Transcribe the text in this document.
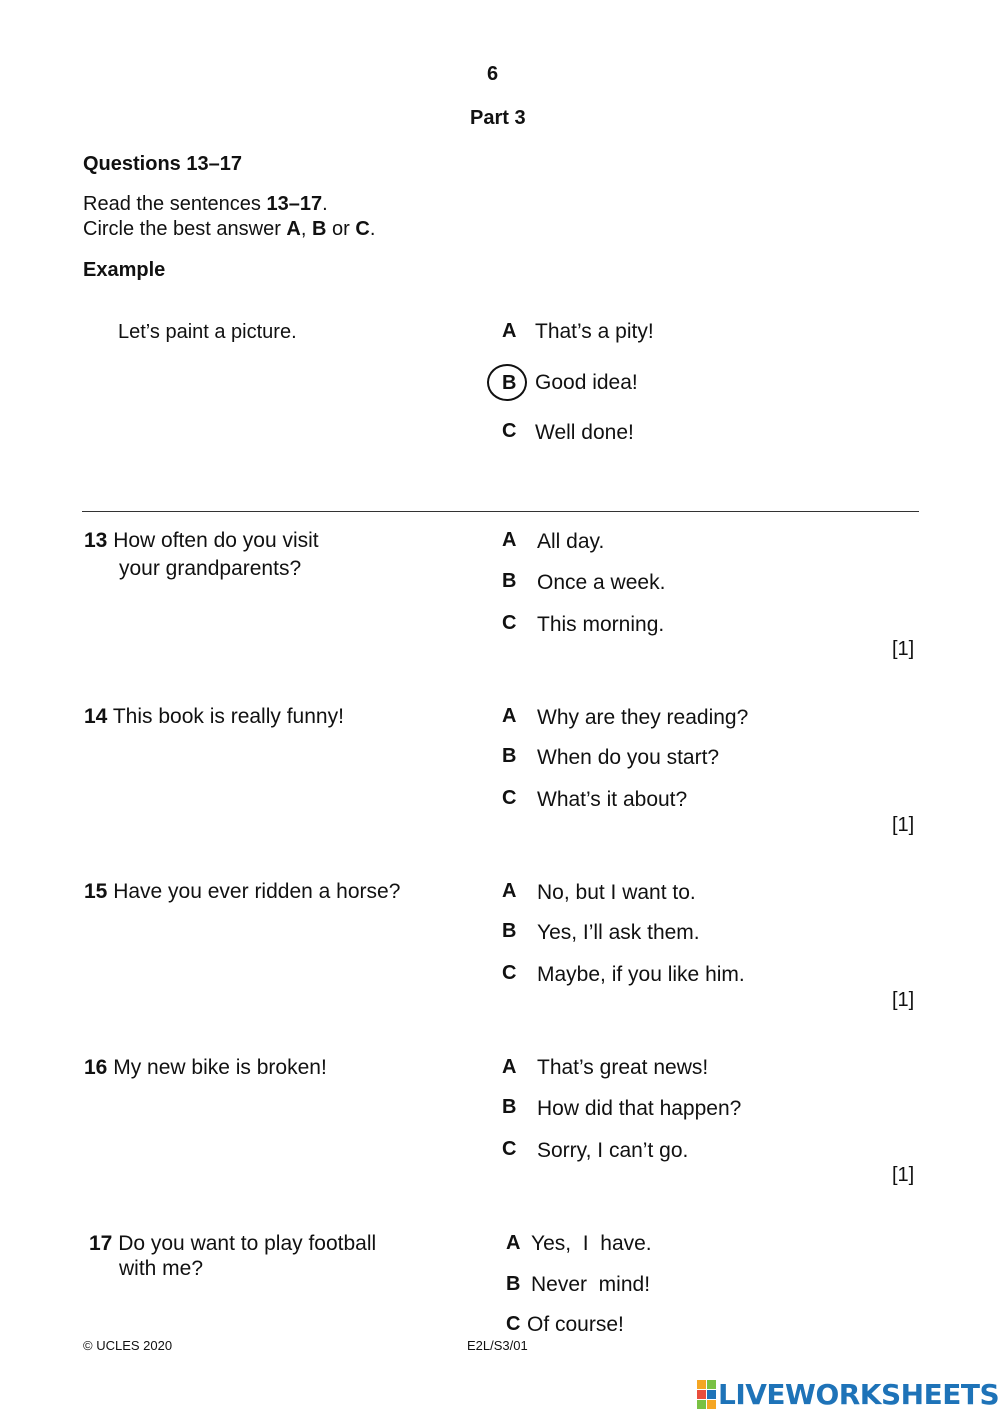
6
Part 3
Questions 13–17
Read the sentences 13–17.
Circle the best answer A, B or C.
Example
Let’s paint a picture.	A That’s a pity!
B Good idea!
C Well done!
13 How often do you visit
your grandparents?
A All day.
B Once a week.
C This morning.
[1]
14 This book is really funny!	A Why are they reading?
B When do you start?
C What’s it about?
[1]
15 Have you ever ridden a horse?	A No, but I want to.
B Yes, I’ll ask them.
C Maybe, if you like him.
[1]
16 My new bike is broken!	A That’s great news!
B How did that happen?
C Sorry, I can’t go.
[1]
17 Do you want to play football
with me?
A Yes,  I  have.
B Never  mind!
C Of course!
© UCLES 2020	E2L/S3/01
LIVEWORKSHEETS
